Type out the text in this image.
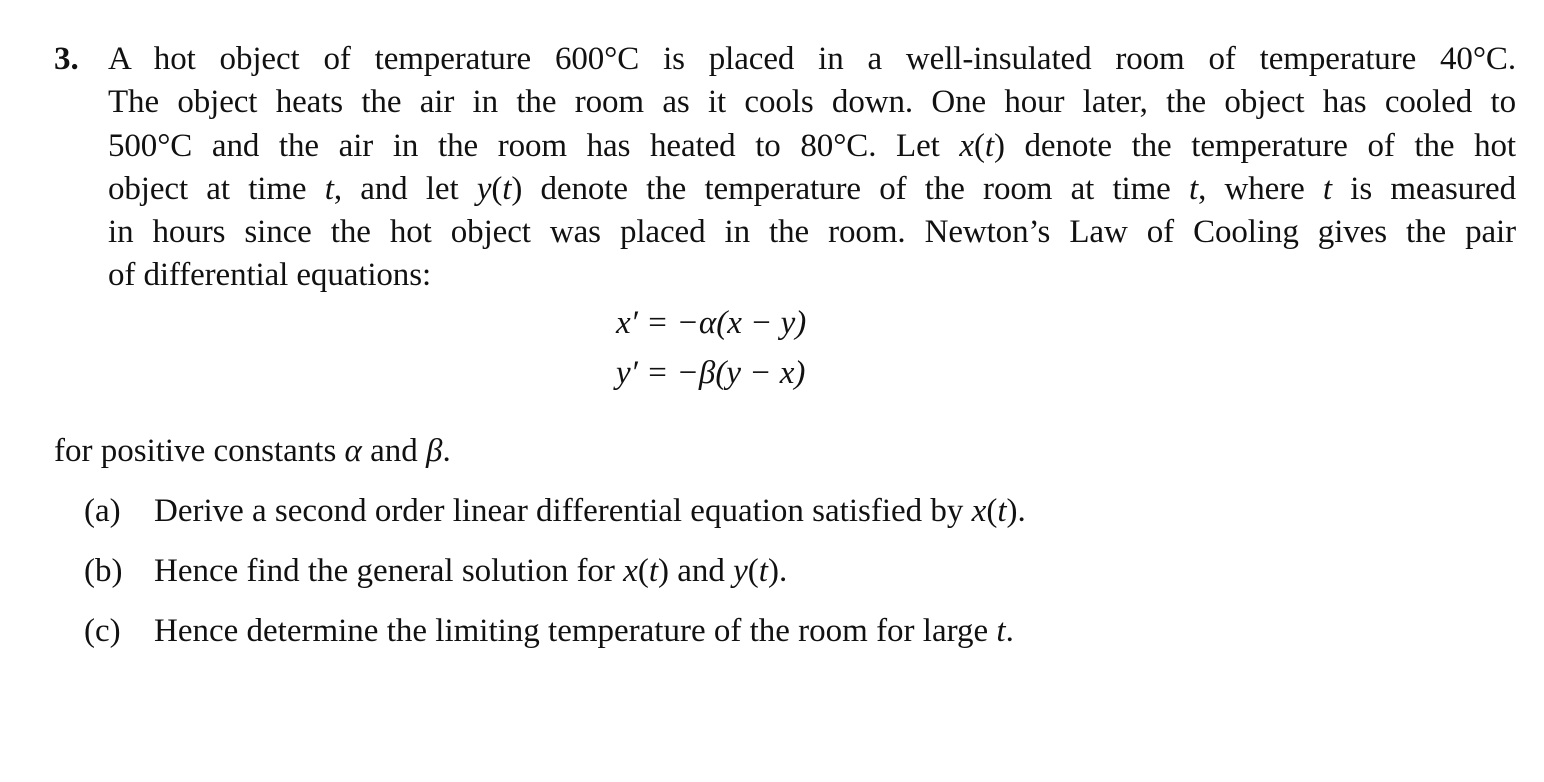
3. A hot object of temperature 600°C is placed in a well-insulated room of temperature 40°C.
The object heats the air in the room as it cools down. One hour later, the object has cooled to
500°C and the air in the room has heated to 80°C. Let x(t) denote the temperature of the hot
object at time t, and let y(t) denote the temperature of the room at time t, where t is measured
in hours since the hot object was placed in the room. Newton’s Law of Cooling gives the pair
of differential equations:
x′ = −α(x − y)
y′ = −β(y − x)
for positive constants α and β.

(a)

Derive a second order linear differential equation satisfied by x(t).

(b)

Hence find the general solution for x(t) and y(t).

(c)

Hence determine the limiting temperature of the room for large t.
